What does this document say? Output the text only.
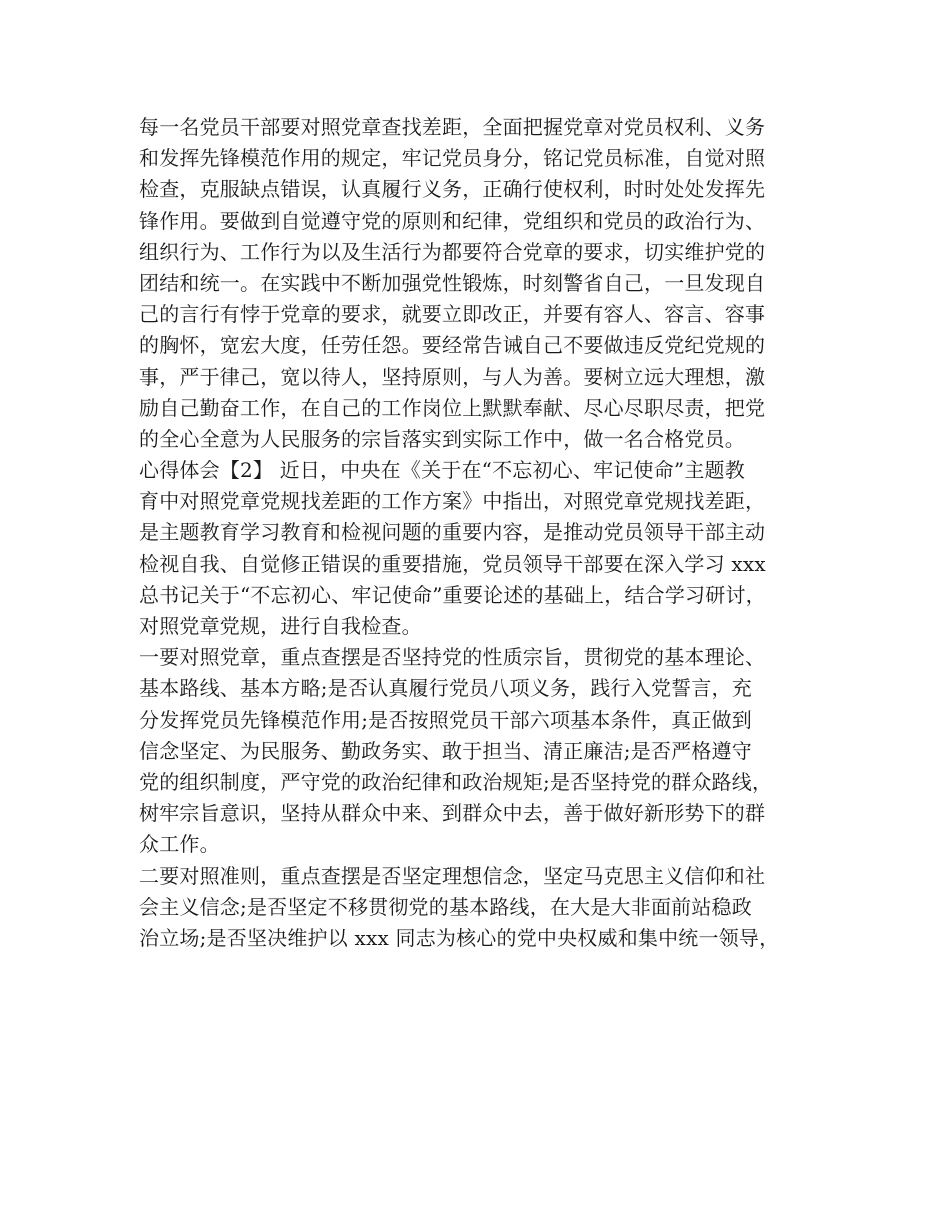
每一名党员干部要对照党章查找差距，全面把握党章对党员权利、义务
和发挥先锋模范作用的规定，牢记党员身分，铭记党员标准，自觉对照
检查，克服缺点错误，认真履行义务，正确行使权利，时时处处发挥先
锋作用。要做到自觉遵守党的原则和纪律，党组织和党员的政治行为、
组织行为、工作行为以及生活行为都要符合党章的要求，切实维护党的
团结和统一。在实践中不断加强党性锻炼，时刻警省自己，一旦发现自
己的言行有悖于党章的要求，就要立即改正，并要有容人、容言、容事
的胸怀，宽宏大度，任劳任怨。要经常告诫自己不要做违反党纪党规的
事，严于律己，宽以待人，坚持原则，与人为善。要树立远大理想，激
励自己勤奋工作，在自己的工作岗位上默默奉献、尽心尽职尽责，把党
的全心全意为人民服务的宗旨落实到实际工作中，做一名合格党员。
心得体会【2】 近日，中央在《关于在“不忘初心、牢记使命”主题教
育中对照党章党规找差距的工作方案》中指出，对照党章党规找差距，
是主题教育学习教育和检视问题的重要内容，是推动党员领导干部主动
检视自我、自觉修正错误的重要措施，党员领导干部要在深入学习 xxx
总书记关于“不忘初心、牢记使命”重要论述的基础上，结合学习研讨，
对照党章党规，进行自我检查。
一要对照党章，重点查摆是否坚持党的性质宗旨，贯彻党的基本理论、
基本路线、基本方略;是否认真履行党员八项义务，践行入党誓言，充
分发挥党员先锋模范作用;是否按照党员干部六项基本条件，真正做到
信念坚定、为民服务、勤政务实、敢于担当、清正廉洁;是否严格遵守
党的组织制度，严守党的政治纪律和政治规矩;是否坚持党的群众路线，
树牢宗旨意识，坚持从群众中来、到群众中去，善于做好新形势下的群
众工作。
二要对照准则，重点查摆是否坚定理想信念，坚定马克思主义信仰和社
会主义信念;是否坚定不移贯彻党的基本路线，在大是大非面前站稳政
治立场;是否坚决维护以 xxx 同志为核心的党中央权威和集中统一领导，
